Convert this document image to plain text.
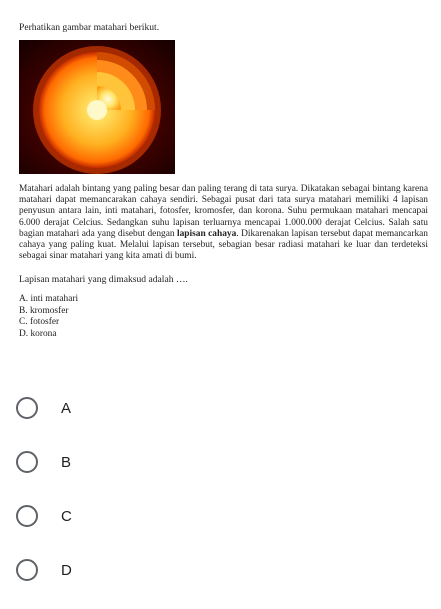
Perhatikan gambar matahari berikut.

Matahari adalah bintang yang paling besar dan paling terang di tata surya. Dikatakan sebagai bintang karena matahari dapat memancarakan cahaya sendiri. Sebagai pusat dari tata surya matahari memiliki 4 lapisan penyusun antara lain, inti matahari, fotosfer, kromosfer, dan korona. Suhu permukaan matahari mencapai 6.000 derajat Celcius. Sedangkan suhu lapisan terluarnya mencapai 1.000.000 derajat Celcius. Salah satu bagian matahari ada yang disebut dengan lapisan cahaya. Dikarenakan lapisan tersebut dapat memancarkan cahaya yang paling kuat. Melalui lapisan tersebut, sebagian besar radiasi matahari ke luar dan terdeteksi sebagai sinar matahari yang kita amati di bumi.

Lapisan matahari yang dimaksud adalah ….

A. inti matahari
B. kromosfer
C. fotosfer
D. korona
A
B
C
D
